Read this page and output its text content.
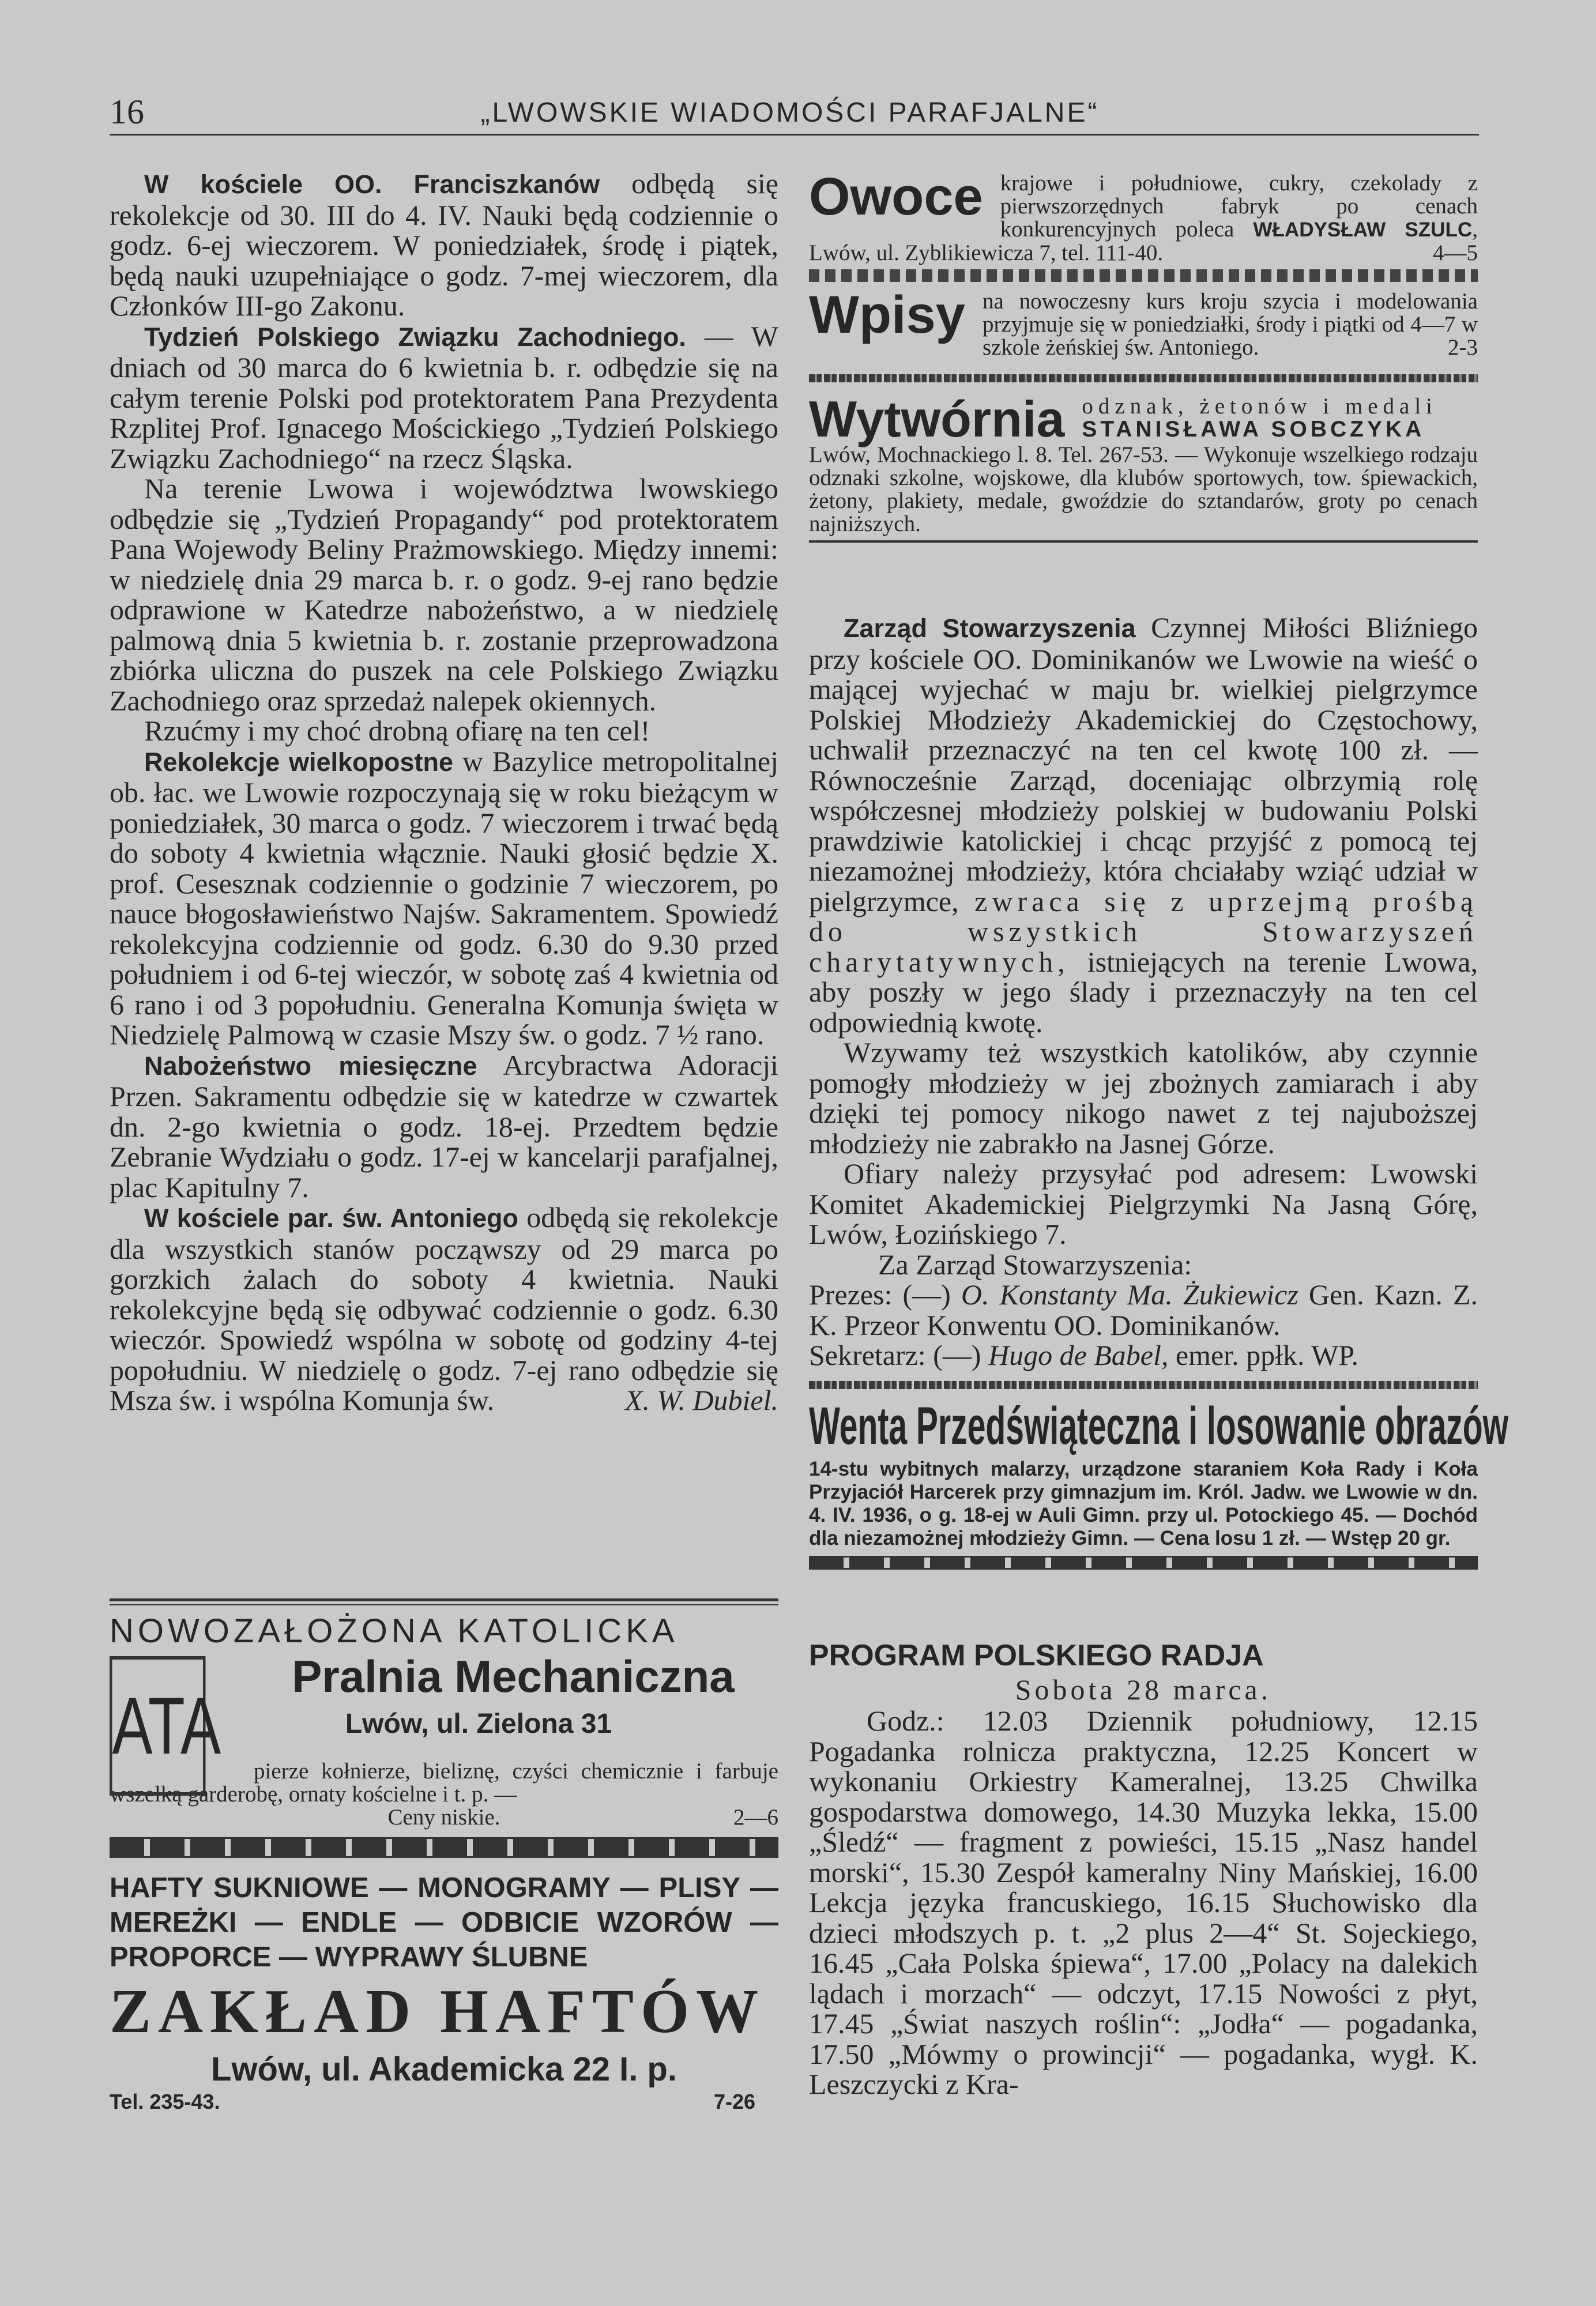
16	„LWOWSKIE WIADOMOŚCI PARAFJALNE“

W kościele OO. Franciszkanów odbędą się rekolekcje od 30. III do 4. IV. Nauki będą codziennie o godz. 6-ej wieczorem. W poniedziałek, środę i piątek, będą nauki uzupełniające o godz. 7-mej wieczorem, dla Członków III-go Zakonu.

Tydzień Polskiego Związku Zachodniego. — W dniach od 30 marca do 6 kwietnia b. r. odbędzie się na całym terenie Polski pod protektoratem Pana Prezydenta Rzplitej Prof. Ignacego Mościckiego „Tydzień Polskiego Związku Zachodniego“ na rzecz Śląska.

Na terenie Lwowa i województwa lwowskiego odbędzie się „Tydzień Propagandy“ pod protektoratem Pana Wojewody Beliny Prażmowskiego. Między innemi: w niedzielę dnia 29 marca b. r. o godz. 9-ej rano będzie odprawione w Katedrze nabożeństwo, a w niedzielę palmową dnia 5 kwietnia b. r. zostanie przeprowadzona zbiórka uliczna do puszek na cele Polskiego Związku Zachodniego oraz sprzedaż nalepek okiennych.

Rzućmy i my choć drobną ofiarę na ten cel!

Rekolekcje wielkopostne w Bazylice metropolitalnej ob. łac. we Lwowie rozpoczynają się w roku bieżącym w poniedziałek, 30 marca o godz. 7 wieczorem i trwać będą do soboty 4 kwietnia włącznie. Nauki głosić będzie X. prof. Cesesznak codziennie o godzinie 7 wieczorem, po nauce błogosławieństwo Najśw. Sakramentem. Spowiedź rekolekcyjna codziennie od godz. 6.30 do 9.30 przed południem i od 6-tej wieczór, w sobotę zaś 4 kwietnia od 6 rano i od 3 popołudniu. Generalna Komunja święta w Niedzielę Palmową w czasie Mszy św. o godz. 7 ½ rano.

Nabożeństwo miesięczne Arcybractwa Adoracji Przen. Sakramentu odbędzie się w katedrze w czwartek dn. 2-go kwietnia o godz. 18-ej. Przedtem będzie Zebranie Wydziału o godz. 17-ej w kancelarji parafjalnej, plac Kapitulny 7.

W kościele par. św. Antoniego odbędą się rekolekcje dla wszystkich stanów począwszy od 29 marca po gorzkich żalach do soboty 4 kwietnia. Nauki rekolekcyjne będą się odbywać codziennie o godz. 6.30 wieczór. Spowiedź wspólna w sobotę od godziny 4-tej popołudniu. W niedzielę o godz. 7-ej rano odbędzie się Msza św. i wspólna Komunja św.	X. W. Dubiel.

NOWOZAŁOŻONA KATOLICKA
ATA
Pralnia Mechaniczna
Lwów, ul. Zielona 31
pierze kołnierze, bieliznę, czyści chemicznie i farbuje wszelką garderobę, ornaty kościelne i t. p. —
Ceny niskie.	2—6
HAFTY SUKNIOWE — MONOGRAMY — PLISY — MEREŻKI — ENDLE — ODBICIE WZORÓW — PROPORCE — WYPRAWY ŚLUBNE
ZAKŁAD HAFTÓW
Lwów, ul. Akademicka 22 I. p.
Tel. 235-43.	7-26
Owoce krajowe i południowe, cukry, czekolady z pierwszorzędnych fabryk po cenach konkurencyjnych poleca WŁADYSŁAW SZULC, Lwów, ul. Zyblikiewicza 7, tel. 111-40.	4—5
Wpisy na nowoczesny kurs kroju szycia i modelowania przyjmuje się w poniedziałki, środy i piątki od 4—7 w szkole żeńskiej św. Antoniego.	2-3
Wytwórnia odznak, żetonów i medali
STANISŁAWA SOBCZYKA
Lwów, Mochnackiego l. 8. Tel. 267-53. — Wykonuje wszelkiego rodzaju odznaki szkolne, wojskowe, dla klubów sportowych, tow. śpiewackich, żetony, plakiety, medale, gwoździe do sztandarów, groty po cenach najniższych.

Zarząd Stowarzyszenia Czynnej Miłości Bliźniego przy kościele OO. Dominikanów we Lwowie na wieść o mającej wyjechać w maju br. wielkiej pielgrzymce Polskiej Młodzieży Akademickiej do Częstochowy, uchwalił przeznaczyć na ten cel kwotę 100 zł. — Równocześnie Zarząd, doceniając olbrzymią rolę współczesnej młodzieży polskiej w budowaniu Polski prawdziwie katolickiej i chcąc przyjść z pomocą tej niezamożnej młodzieży, która chciałaby wziąć udział w pielgrzymce, zwraca się z uprzejmą prośbą do wszystkich Stowarzyszeń charytatywnych, istniejących na terenie Lwowa, aby poszły w jego ślady i przeznaczyły na ten cel odpowiednią kwotę.

Wzywamy też wszystkich katolików, aby czynnie pomogły młodzieży w jej zbożnych zamiarach i aby dzięki tej pomocy nikogo nawet z tej najuboższej młodzieży nie zabrakło na Jasnej Górze.

Ofiary należy przysyłać pod adresem: Lwowski Komitet Akademickiej Pielgrzymki Na Jasną Górę, Lwów, Łozińskiego 7.

Za Zarząd Stowarzyszenia:

Prezes: (—) O. Konstanty Ma. Żukiewicz Gen. Kazn. Z. K. Przeor Konwentu OO. Dominikanów.

Sekretarz: (—) Hugo de Babel, emer. ppłk. WP.

Wenta Przedświąteczna i losowanie obrazów
14-stu wybitnych malarzy, urządzone staraniem Koła Rady i Koła Przyjaciół Harcerek przy gimnazjum im. Król. Jadw. we Lwowie w dn. 4. IV. 1936, o g. 18-ej w Auli Gimn. przy ul. Potockiego 45. — Dochód dla niezamożnej młodzieży Gimn. — Cena losu 1 zł. — Wstęp 20 gr.
PROGRAM POLSKIEGO RADJA
Sobota 28 marca.
Godz.: 12.03 Dziennik południowy, 12.15 Pogadanka rolnicza praktyczna, 12.25 Koncert w wykonaniu Orkiestry Kameralnej, 13.25 Chwilka gospodarstwa domowego, 14.30 Muzyka lekka, 15.00 „Śledź“ — fragment z powieści, 15.15 „Nasz handel morski“, 15.30 Zespół kameralny Niny Mańskiej, 16.00 Lekcja języka francuskiego, 16.15 Słuchowisko dla dzieci młodszych p. t. „2 plus 2—4“ St. Sojeckiego, 16.45 „Cała Polska śpiewa“, 17.00 „Polacy na dalekich lądach i morzach“ — odczyt, 17.15 Nowości z płyt, 17.45 „Świat naszych roślin“: „Jodła“ — pogadanka, 17.50 „Mówmy o prowincji“ — pogadanka, wygł. K. Leszczycki z Kra-
